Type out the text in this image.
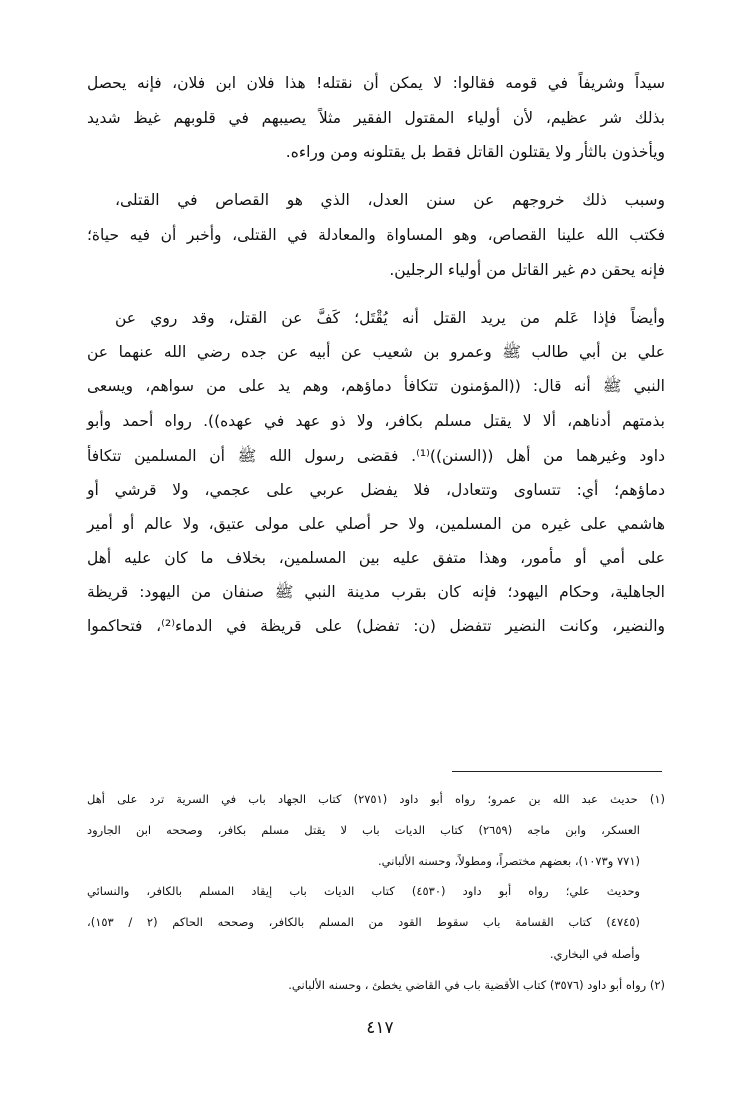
سيداً وشريفاً في قومه فقالوا: لا يمكن أن نقتله! هذا فلان ابن فلان، فإنه يحصل
بذلك شر عظيم، لأن أولياء المقتول الفقير مثلاً يصيبهم في قلوبهم غيظ شديد
ويأخذون بالثأر ولا يقتلون القاتل فقط بل يقتلونه ومن وراءه.
وسبب ذلك خروجهم عن سنن العدل، الذي هو القصاص في القتلى،
فكتب الله علينا القصاص، وهو المساواة والمعادلة في القتلى، وأخبر أن فيه حياة؛
فإنه يحقن دم غير القاتل من أولياء الرجلين.
وأيضاً فإذا عَلم من يريد القتل أنه يُقْتَل؛ كَفَّ عن القتل، وقد روي عن
علي بن أبي طالب ﷺ وعمرو بن شعيب عن أبيه عن جده رضي الله عنهما عن
النبي ﷺ أنه قال: ((المؤمنون تتكافأ دماؤهم، وهم يد على من سواهم، ويسعى
بذمتهم أدناهم، ألا لا يقتل مسلم بكافر، ولا ذو عهد في عهده)). رواه أحمد وأبو
داود وغيرهما من أهل ((السنن))⁽¹⁾. فقضى رسول الله ﷺ أن المسلمين تتكافأ
دماؤهم؛ أي: تتساوى وتتعادل، فلا يفضل عربي على عجمي، ولا قرشي أو
هاشمي على غيره من المسلمين، ولا حر أصلي على مولى عتيق، ولا عالم أو أمير
على أمي أو مأمور، وهذا متفق عليه بين المسلمين، بخلاف ما كان عليه أهل
الجاهلية، وحكام اليهود؛ فإنه كان بقرب مدينة النبي ﷺ صنفان من اليهود: قريظة
والنضير، وكانت النضير تتفضل (ن: تفضل) على قريظة في الدماء⁽²⁾، فتحاكموا
(١) حديث عبد الله بن عمرو؛ رواه أبو داود (٢٧٥١) كتاب الجهاد باب في السرية ترد على أهل
العسكر، وابن ماجه (٢٦٥٩) كتاب الديات باب لا يقتل مسلم بكافر، وصححه ابن الجارود
(٧٧١ و١٠٧٣)، بعضهم مختصراً، ومطولاً، وحسنه الألباني.
وحديث علي؛ رواه أبو داود (٤٥٣٠) كتاب الديات باب إيقاد المسلم بالكافر، والنسائي
(٤٧٤٥) كتاب القسامة باب سقوط القود من المسلم بالكافر، وصححه الحاكم (٢ / ١٥٣)،
وأصله في البخاري.
(٢) رواه أبو داود (٣٥٧٦) كتاب الأقضية باب في القاضي يخطئ ، وحسنه الألباني.
٤١٧
